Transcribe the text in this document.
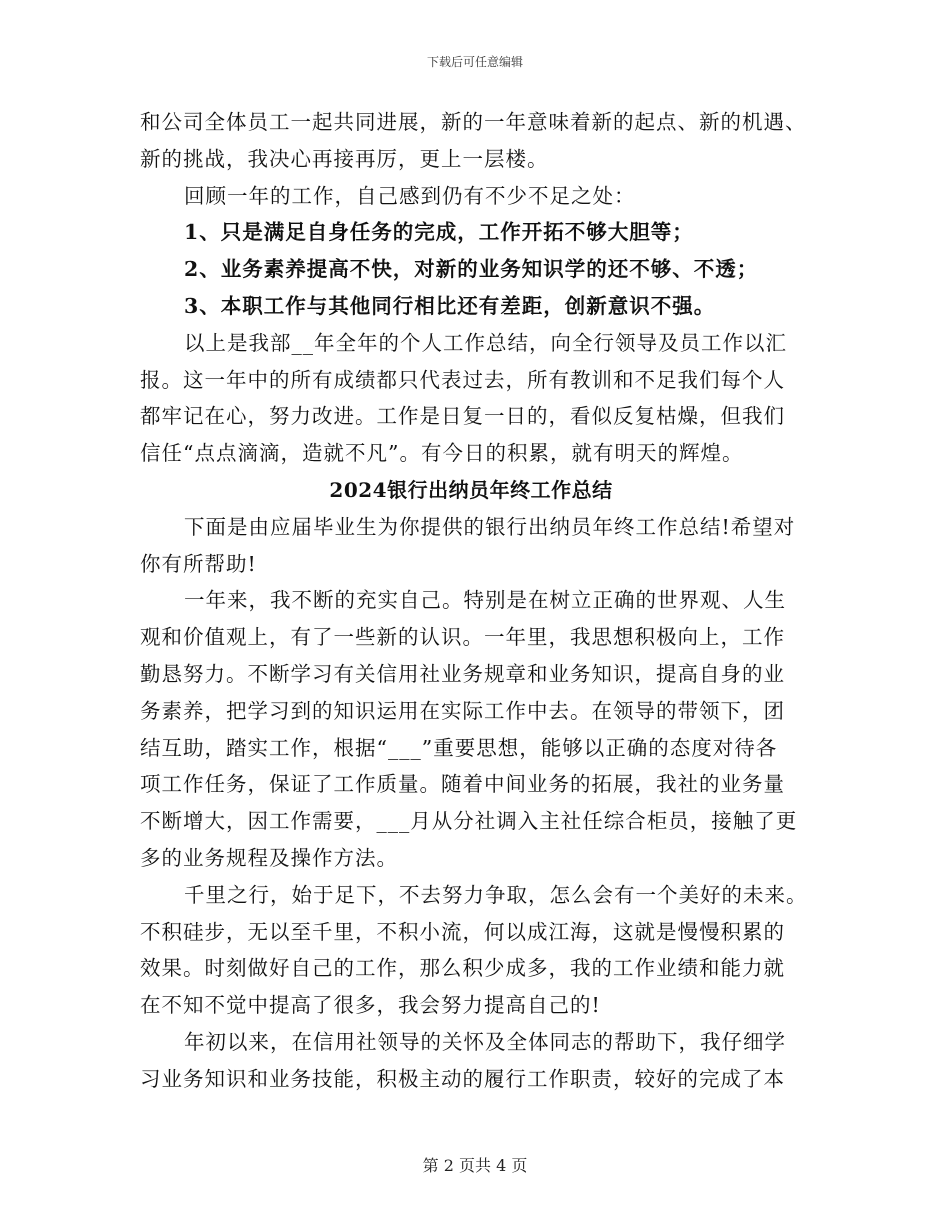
下载后可任意编辑
和公司全体员工一起共同进展，新的一年意味着新的起点、新的机遇、
新的挑战，我决心再接再厉，更上一层楼。
回顾一年的工作，自己感到仍有不少不足之处：
1、只是满足自身任务的完成，工作开拓不够大胆等；
2、业务素养提高不快，对新的业务知识学的还不够、不透；
3、本职工作与其他同行相比还有差距，创新意识不强。
以上是我部__年全年的个人工作总结，向全行领导及员工作以汇
报。这一年中的所有成绩都只代表过去，所有教训和不足我们每个人
都牢记在心，努力改进。工作是日复一日的，看似反复枯燥，但我们
信任“点点滴滴，造就不凡”。有今日的积累，就有明天的辉煌。
2024银行出纳员年终工作总结
下面是由应届毕业生为你提供的银行出纳员年终工作总结!希望对
你有所帮助!
一年来，我不断的充实自己。特别是在树立正确的世界观、人生
观和价值观上，有了一些新的认识。一年里，我思想积极向上，工作
勤恳努力。不断学习有关信用社业务规章和业务知识，提高自身的业
务素养，把学习到的知识运用在实际工作中去。在领导的带领下，团
结互助，踏实工作，根据“___”重要思想，能够以正确的态度对待各
项工作任务，保证了工作质量。随着中间业务的拓展，我社的业务量
不断增大，因工作需要，___月从分社调入主社任综合柜员，接触了更
多的业务规程及操作方法。
千里之行，始于足下，不去努力争取，怎么会有一个美好的未来。
不积硅步，无以至千里，不积小流，何以成江海，这就是慢慢积累的
效果。时刻做好自己的工作，那么积少成多，我的工作业绩和能力就
在不知不觉中提高了很多，我会努力提高自己的!
年初以来，在信用社领导的关怀及全体同志的帮助下，我仔细学
习业务知识和业务技能，积极主动的履行工作职责，较好的完成了本
第 2 页共 4 页
